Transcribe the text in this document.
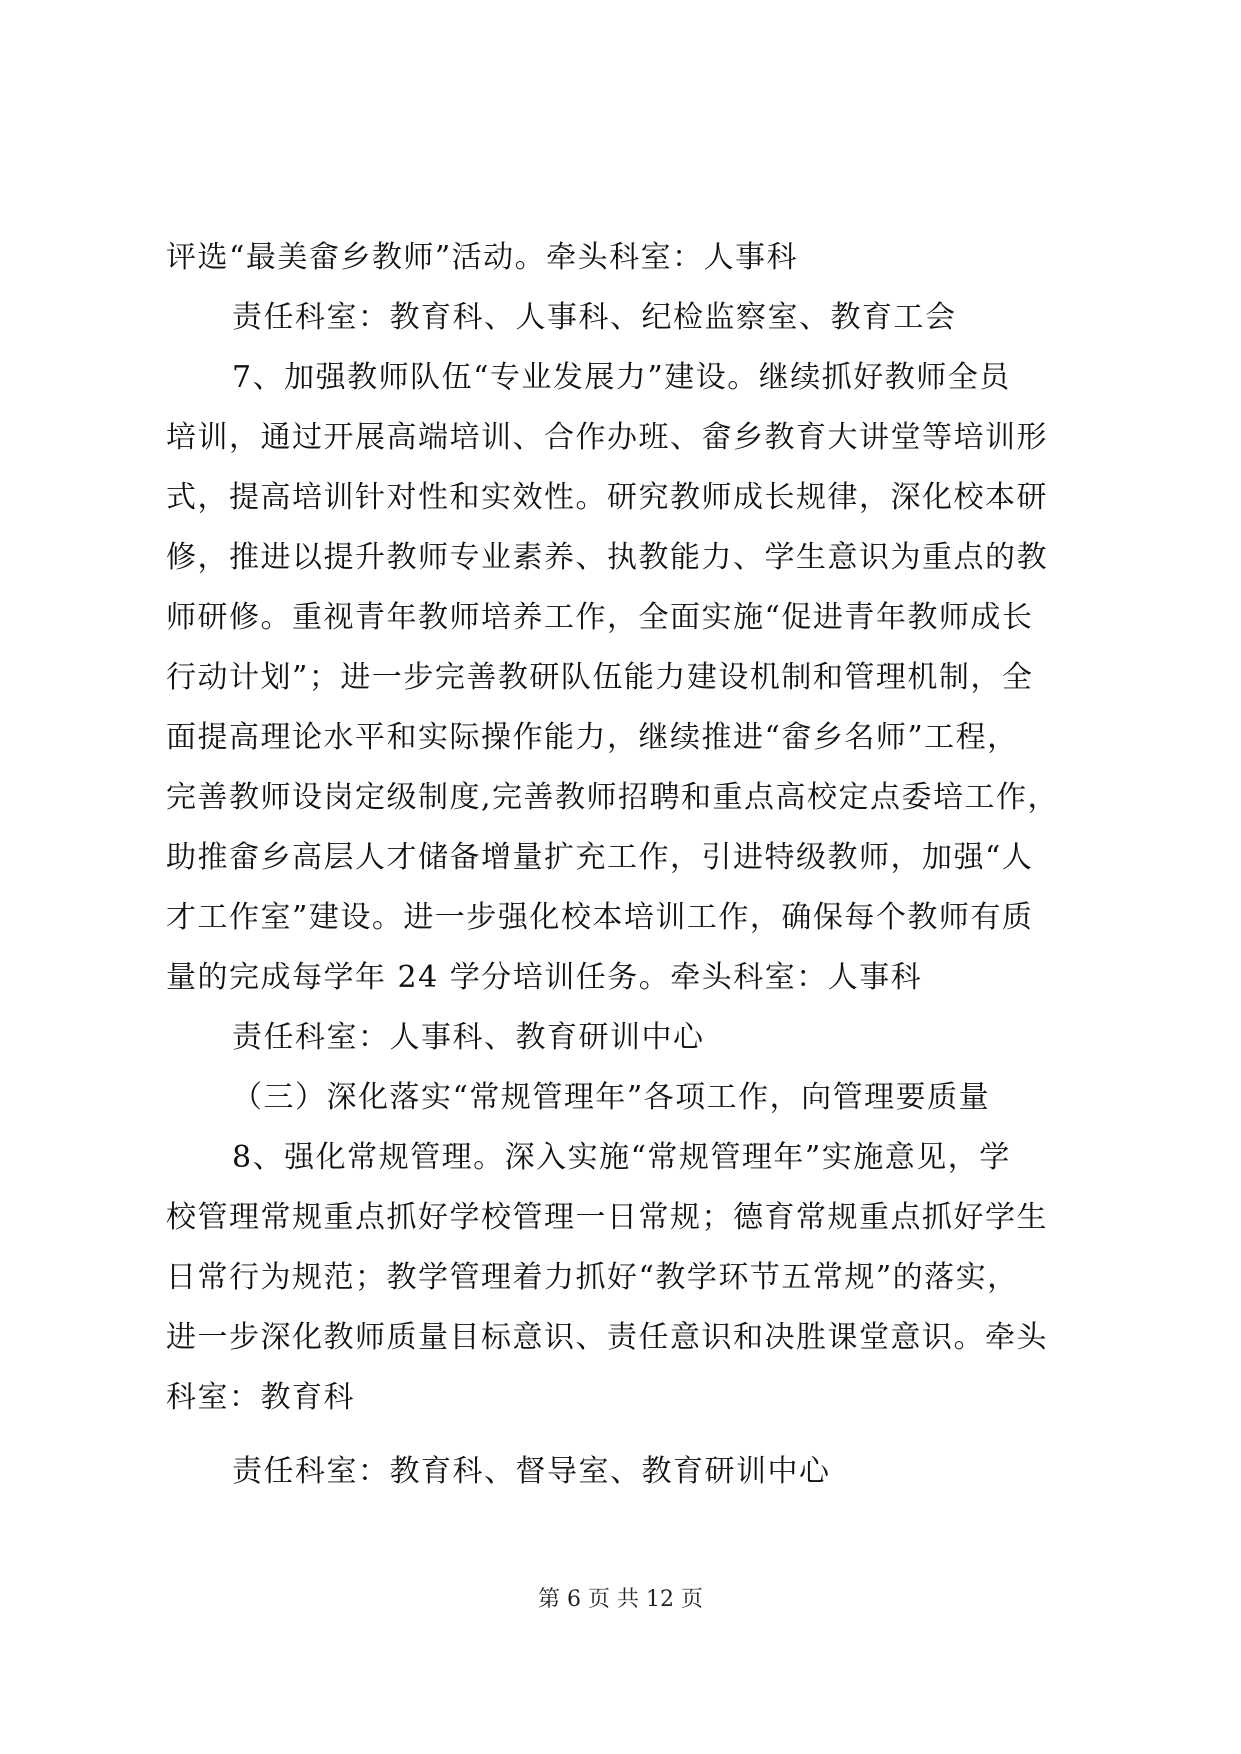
评选“最美畲乡教师”活动。牵头科室：人事科
责任科室：教育科、人事科、纪检监察室、教育工会
7、加强教师队伍“专业发展力”建设。继续抓好教师全员
培训，通过开展高端培训、合作办班、畲乡教育大讲堂等培训形
式，提高培训针对性和实效性。研究教师成长规律，深化校本研
修，推进以提升教师专业素养、执教能力、学生意识为重点的教
师研修。重视青年教师培养工作，全面实施“促进青年教师成长
行动计划”；进一步完善教研队伍能力建设机制和管理机制，全
面提高理论水平和实际操作能力，继续推进“畲乡名师”工程，
完善教师设岗定级制度,完善教师招聘和重点高校定点委培工作，
助推畲乡高层人才储备增量扩充工作，引进特级教师，加强“人
才工作室”建设。进一步强化校本培训工作，确保每个教师有质
量的完成每学年 24 学分培训任务。牵头科室：人事科
责任科室：人事科、教育研训中心
（三）深化落实“常规管理年”各项工作，向管理要质量
8、强化常规管理。深入实施“常规管理年”实施意见，学
校管理常规重点抓好学校管理一日常规；德育常规重点抓好学生
日常行为规范；教学管理着力抓好“教学环节五常规”的落实，
进一步深化教师质量目标意识、责任意识和决胜课堂意识。牵头
科室：教育科
责任科室：教育科、督导室、教育研训中心
第 6 页 共 12 页
